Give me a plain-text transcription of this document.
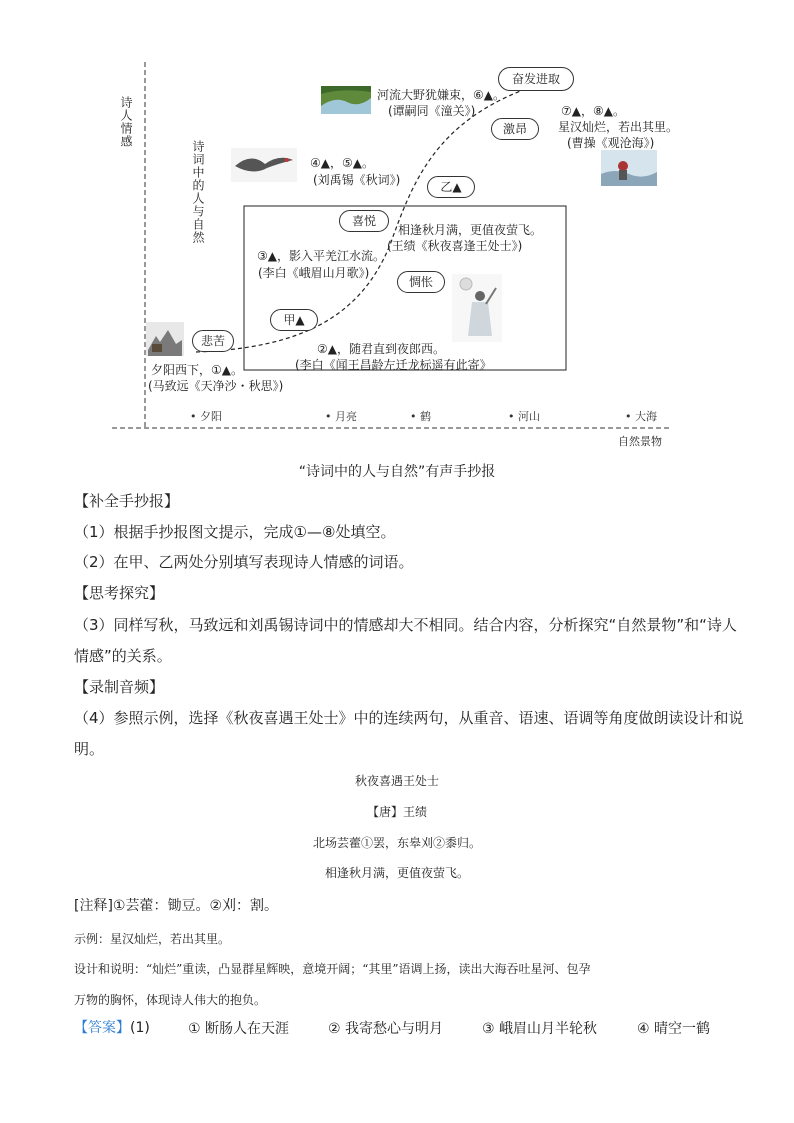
诗人情感
自然景物
诗词中的人与自然
• 夕阳	• 月亮	• 鹤	• 河山	• 大海
悲苦
甲▲
喜悦
乙▲
惆怅
激昂
奋发进取
夕阳西下，①▲。
(马致远《天净沙・秋思》)
②▲，随君直到夜郎西。
(李白《闻王昌龄左迁龙标遥有此寄》
③▲，影入平羌江水流。
(李白《峨眉山月歌》)
④▲，⑤▲。
(刘禹锡《秋词》)
相逢秋月满，更值夜萤飞。
(王绩《秋夜喜逢王处士》)
河流大野犹嫌束，⑥▲。
(谭嗣同《潼关》)	⑦▲，⑧▲。
星汉灿烂，若出其里。
(曹操《观沧海》)
“诗词中的人与自然”有声手抄报
【补全手抄报】
（1）根据手抄报图文提示，完成①—⑧处填空。
（2）在甲、乙两处分别填写表现诗人情感的词语。
【思考探究】
（3）同样写秋，马致远和刘禹锡诗词中的情感却大不相同。结合内容，分析探究“自然景物”和“诗人
情感”的关系。
【录制音频】
（4）参照示例，选择《秋夜喜遇王处士》中的连续两句，从重音、语速、语调等角度做朗读设计和说
明。
秋夜喜遇王处士
【唐】王绩
北场芸藿①罢，东皋刈②黍归。
相逢秋月满，更值夜萤飞。
[注释]①芸藿：锄豆。②刈：割。
示例：星汉灿烂，若出其里。
设计和说明：“灿烂”重读，凸显群星辉映，意境开阔；“其里”语调上扬，读出大海吞吐星河、包孕
万物的胸怀，体现诗人伟大的抱负。
【答案】(1)	① 断肠人在天涯	② 我寄愁心与明月	③ 峨眉山月半轮秋	④ 晴空一鹤
